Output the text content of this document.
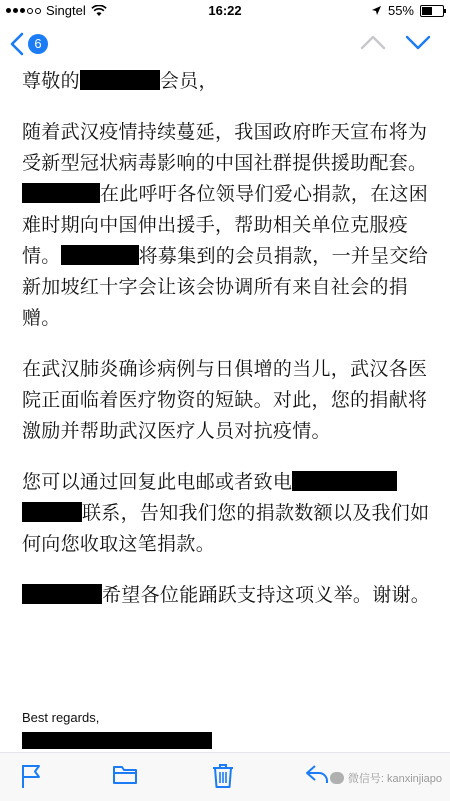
Singtel	16:22	55%
6

尊敬的	会员，

随着武汉疫情持续蔓延，我国政府昨天宣布将为受新型冠状病毒影响的中国社群提供援助配套。在此呼吁各位领导们爱心捐款，在这困难时期向中国伸出援手，帮助相关单位克服疫情。	将募集到的会员捐款，一并呈交给新加坡红十字会让该会协调所有来自社会的捐赠。

在武汉肺炎确诊病例与日俱增的当儿，武汉各医院正面临着医疗物资的短缺。对此，您的捐献将激励并帮助武汉医疗人员对抗疫情。

您可以通过回复此电邮或者致电联系，告知我们您的捐款数额以及我们如何向您收取这笔捐款。

希望各位能踊跃支持这项义举。谢谢。

Best regards,
微信号: kanxinjiapo
